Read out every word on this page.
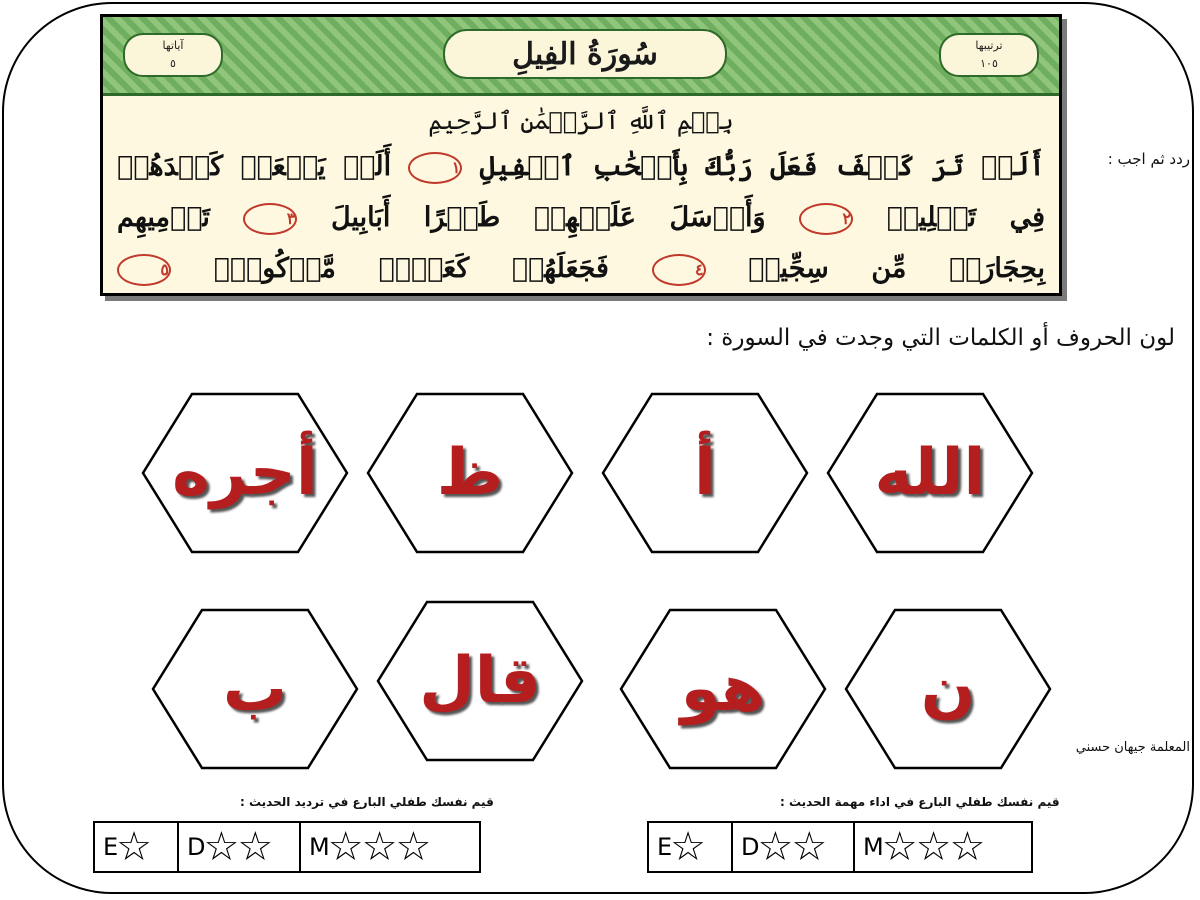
آياتها
٥	سُورَةُ الفِيلِ	ترتيبها
١٠٥
بِسۡمِ ٱللَّهِ ٱلرَّحۡمَٰنِ ٱلرَّحِيمِ
أَلَمۡ تَرَ كَيۡفَ فَعَلَ رَبُّكَ بِأَصۡحَٰبِ ٱلۡفِيلِ ١ أَلَمۡ يَجۡعَلۡ كَيۡدَهُمۡ
فِي تَضۡلِيلٖ ٢ وَأَرۡسَلَ عَلَيۡهِمۡ طَيۡرًا أَبَابِيلَ ٣ تَرۡمِيهِم
بِحِجَارَةٖ مِّن سِجِّيلٖ ٤ فَجَعَلَهُمۡ كَعَصۡفٖ مَّأۡكُولِۭ ٥
ردد ثم اجب :
لون الحروف أو الكلمات التي وجدت في السورة :
الله
أ
ظ
أجره
ن
هو
قال
ب
المعلمة جيهان حسني
قيم نفسك طفلي البارع في اداء مهمة الحديث :
E
☆ D
☆
☆ M
☆
☆
☆
قيم نفسك طفلي البارع في ترديد الحديث :
E
☆ D
☆
☆ M
☆
☆
☆
